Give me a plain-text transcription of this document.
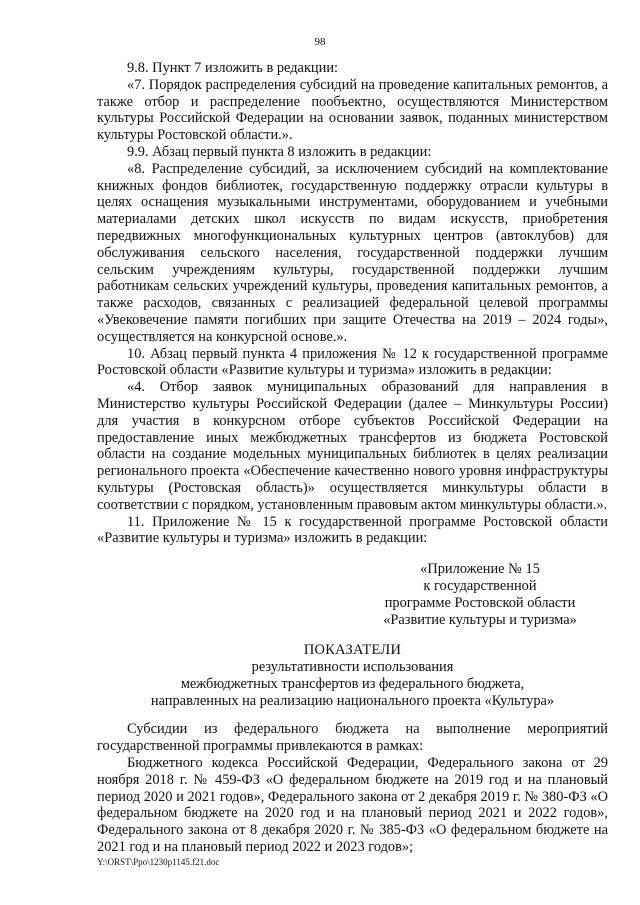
98

9.8. Пункт 7 изложить в редакции:

«7. Порядок распределения субсидий на проведение капитальных ремонтов, а также отбор и распределение пообъектно, осуществляются Министерством культуры Российской Федерации на основании заявок, поданных министерством культуры Ростовской области.».

9.9. Абзац первый пункта 8 изложить в редакции:

«8. Распределение субсидий, за исключением субсидий на комплектование книжных фондов библиотек, государственную поддержку отрасли культуры в целях оснащения музыкальными инструментами, оборудованием и учебными материалами детских школ искусств по видам искусств, приобретения передвижных многофункциональных культурных центров (автоклубов) для обслуживания сельского населения, государственной поддержки лучшим сельским учреждениям культуры, государственной поддержки лучшим работникам сельских учреждений культуры, проведения капитальных ремонтов, а также расходов, связанных с реализацией федеральной целевой программы «Увековечение памяти погибших при защите Отечества на 2019 – 2024 годы», осуществляется на конкурсной основе.».

10. Абзац первый пункта 4 приложения № 12 к государственной программе Ростовской области «Развитие культуры и туризма» изложить в редакции:

«4. Отбор заявок муниципальных образований для направления в Министерство культуры Российской Федерации (далее – Минкультуры России) для участия в конкурсном отборе субъектов Российской Федерации на предоставление иных межбюджетных трансфертов из бюджета Ростовской области на создание модельных муниципальных библиотек в целях реализации регионального проекта «Обеспечение качественно нового уровня инфраструктуры культуры (Ростовская область)» осуществляется минкультуры области в соответствии с порядком, установленным правовым актом минкультуры области.».

11. Приложение № 15 к государственной программе Ростовской области «Развитие культуры и туризма» изложить в редакции:

«Приложение № 15
к государственной
программе Ростовской области
«Развитие культуры и туризма»
ПОКАЗАТЕЛИ
результативности использования
межбюджетных трансфертов из федерального бюджета,
направленных на реализацию национального проекта «Культура»

Субсидии из федерального бюджета на выполнение мероприятий государственной программы привлекаются в рамках:

Бюджетного кодекса Российской Федерации, Федерального закона от 29 ноября 2018 г. № 459-ФЗ «О федеральном бюджете на 2019 год и на плановый период 2020 и 2021 годов», Федерального закона от 2 декабря 2019 г. № 380-ФЗ «О федеральном бюджете на 2020 год и на плановый период 2021 и 2022 годов», Федерального закона от 8 декабря 2020 г. № 385-ФЗ «О федеральном бюджете на 2021 год и на плановый период 2022 и 2023 годов»;

Y:\ORST\Ppo\1230p1145.f21.doc
